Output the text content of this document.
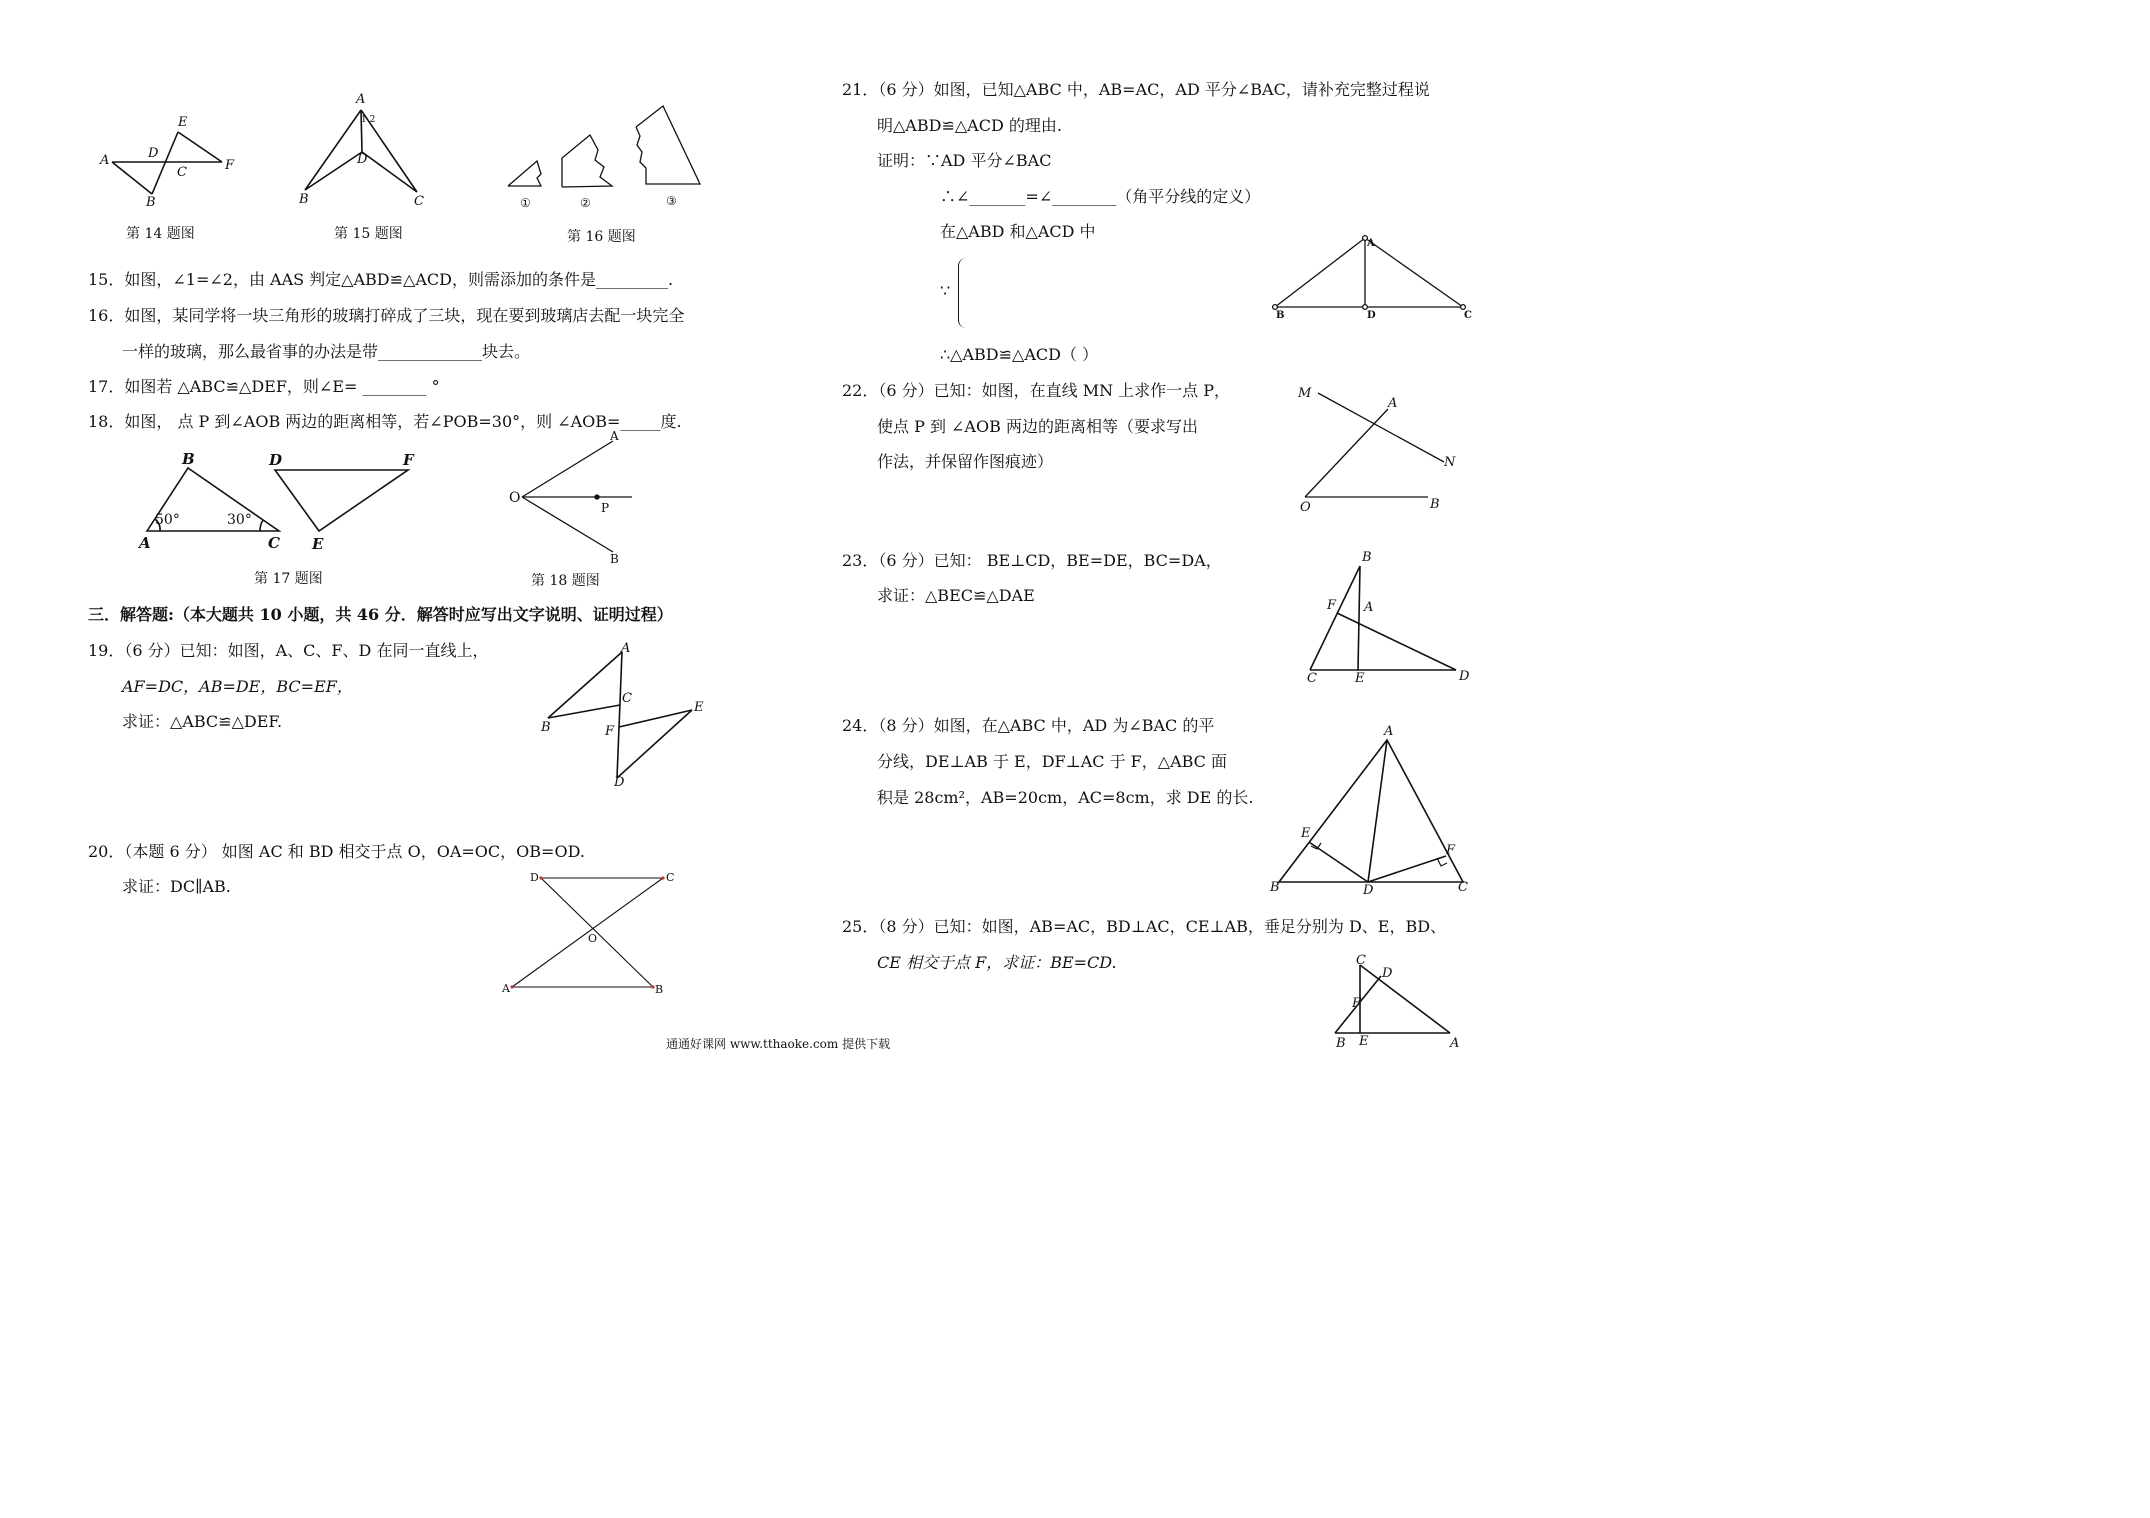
A
B
C
D
E
F
第 14 题图
A
1 2
D
B	C
第 15 题图
①	②	③
第 16 题图
15．如图，∠1=∠2，由 AAS 判定△ABD≌△ACD，则需添加的条件是_________.
16．如图，某同学将一块三角形的玻璃打碎成了三块，现在要到玻璃店去配一块完全
一样的玻璃，那么最省事的办法是带_____________块去。
17．如图若 △ABC≌△DEF，则∠E= ________ °
18．如图， 点 P 到∠AOB 两边的距离相等，若∠POB=30°，则 ∠AOB=_____度.
B
A	C
50°	30°
D	F
E
第 17 题图
A
O
P
B
第 18 题图
三．解答题:（本大题共 10 小题，共 46 分．解答时应写出文字说明、证明过程）
19．（6 分）已知：如图，A、C、F、D 在同一直线上，
AF=DC，AB=DE，BC=EF，
求证：△ABC≌△DEF.
A
B
C
F
E
D
20．（本题 6 分） 如图 AC 和 BD 相交于点 O，OA=OC，OB=OD.
求证：DC∥AB.	D	C
O
A	B
21．（6 分）如图，已知△ABC 中，AB=AC，AD 平分∠BAC，请补充完整过程说
明△ABD≌△ACD 的理由.
证明：∵AD 平分∠BAC
∴∠_______=∠________（角平分线的定义）
在△ABD 和△ACD 中
∵
∴△ABD≌△ACD（ ）
A
B	D	C
22．（6 分）已知：如图，在直线 MN 上求作一点 P，
使点 P 到 ∠AOB 两边的距离相等（要求写出
作法，并保留作图痕迹）
M
A
N
O	B
23．（6 分）已知： BE⊥CD，BE=DE，BC=DA，
求证：△BEC≌△DAE
B
F A
C	E	D
24．（8 分）如图，在△ABC 中，AD 为∠BAC 的平
分线，DE⊥AB 于 E，DF⊥AC 于 F，△ABC 面
积是 28cm²，AB=20cm，AC=8cm，求 DE 的长.
A
E
F
B	D	C
25．（8 分）已知：如图，AB=AC，BD⊥AC，CE⊥AB，垂足分别为 D、E，BD、
CE 相交于点 F，求证：BE=CD.	C
D
F
B E	A
通通好课网 www.tthaoke.com 提供下载
